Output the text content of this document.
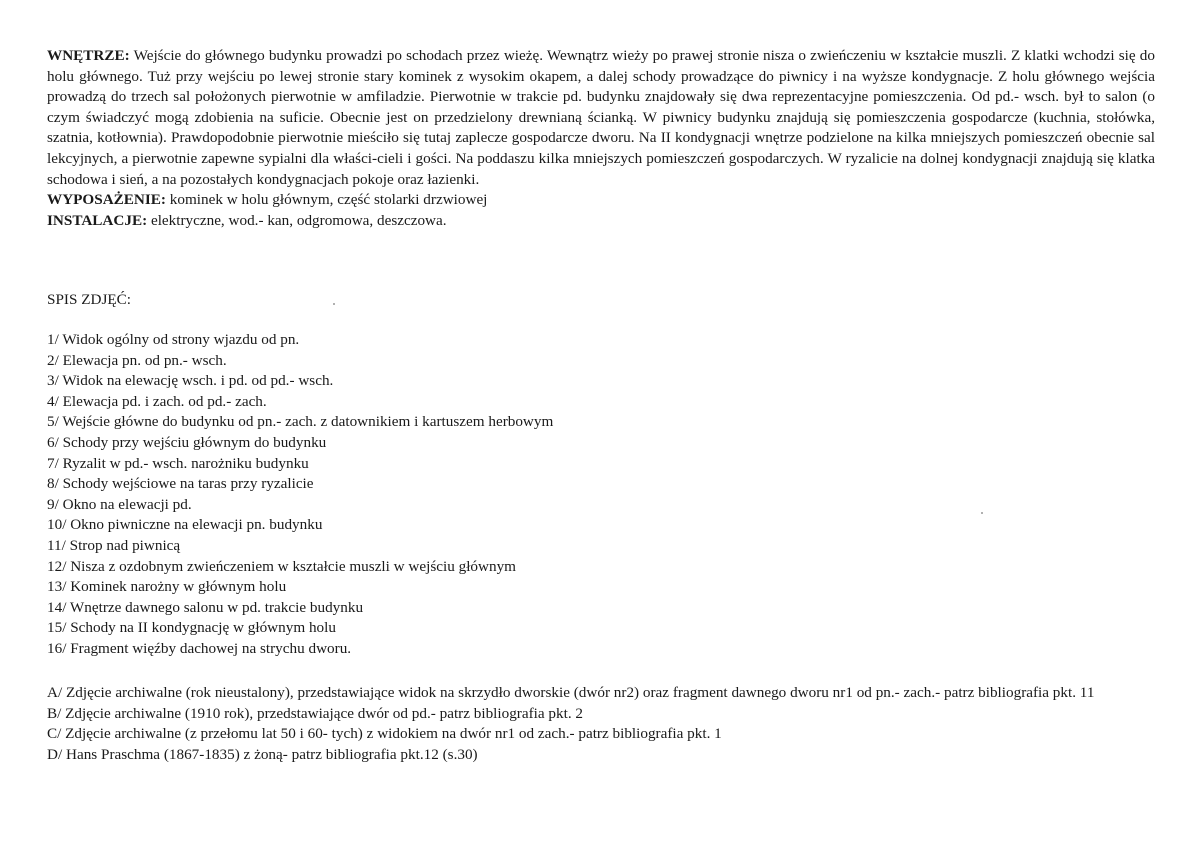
WNĘTRZE: Wejście do głównego budynku prowadzi po schodach przez wieżę. Wewnątrz wieży po prawej stronie nisza o zwieńczeniu w kształcie muszli. Z klatki wchodzi się do holu głównego. Tuż przy wejściu po lewej stronie stary kominek z wysokim okapem, a dalej schody prowadzące do piwnicy i na wyższe kondygnacje. Z holu głównego wejścia prowadzą do trzech sal położonych pierwotnie w amfiladzie. Pierwotnie w trakcie pd. budynku znajdowały się dwa reprezentacyjne pomieszczenia. Od pd.- wsch. był to salon (o czym świadczyć mogą zdobienia na suficie. Obecnie jest on przedzielony drewnianą ścianką. W piwnicy budynku znajdują się pomieszczenia gospodarcze (kuchnia, stołówka, szatnia, kotłownia). Prawdopodobnie pierwotnie mieściło się tutaj zaplecze gospodarcze dworu. Na II kondygnacji wnętrze podzielone na kilka mniejszych pomieszczeń obecnie sal lekcyjnych, a pierwotnie zapewne sypialni dla właści-cieli i gości. Na poddaszu kilka mniejszych pomieszczeń gospodarczych. W ryzalicie na dolnej kondygnacji znajdują się klatka schodowa i sień, a na pozostałych kondygnacjach pokoje oraz łazienki.
WYPOSAŻENIE: kominek w holu głównym, część stolarki drzwiowej
INSTALACJE: elektryczne, wod.- kan, odgromowa, deszczowa.

SPIS ZDJĘĆ:

1/ Widok ogólny od strony wjazdu od pn.
2/ Elewacja pn. od pn.- wsch.
3/ Widok na elewację wsch. i pd. od pd.- wsch.
4/ Elewacja pd. i zach. od pd.- zach.
5/ Wejście główne do budynku od pn.- zach. z datownikiem i kartuszem herbowym
6/ Schody przy wejściu głównym do budynku
7/ Ryzalit w pd.- wsch. narożniku budynku
8/ Schody wejściowe na taras przy ryzalicie
9/ Okno na elewacji pd.
10/ Okno piwniczne na elewacji pn. budynku
11/ Strop nad piwnicą
12/ Nisza z ozdobnym zwieńczeniem w kształcie muszli w wejściu głównym
13/ Kominek narożny w głównym holu
14/ Wnętrze dawnego salonu w pd. trakcie budynku
15/ Schody na II kondygnację w głównym holu
16/ Fragment więźby dachowej na strychu dworu.
A/ Zdjęcie archiwalne (rok nieustalony), przedstawiające widok na skrzydło dworskie (dwór nr2) oraz fragment dawnego dworu nr1 od pn.- zach.- patrz bibliografia pkt. 11
B/ Zdjęcie archiwalne (1910 rok), przedstawiające dwór od pd.- patrz bibliografia pkt. 2
C/ Zdjęcie archiwalne (z przełomu lat 50 i 60- tych) z widokiem na dwór nr1 od zach.- patrz bibliografia pkt. 1
D/ Hans Praschma (1867-1835) z żoną- patrz bibliografia pkt.12 (s.30)
